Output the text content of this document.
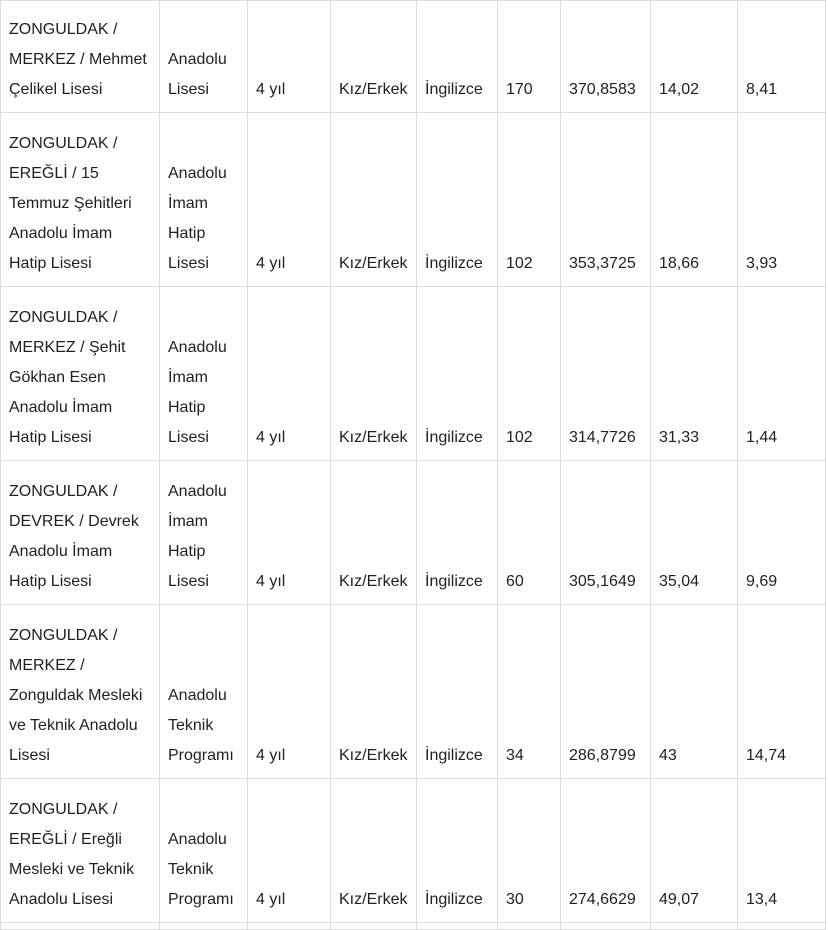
ZONGULDAK / MERKEZ / Mehmet Çelikel Lisesi	Anadolu Lisesi	4 yıl	Kız/Erkek	İngilizce	170	370,8583	14,02	8,41
ZONGULDAK / EREĞLİ / 15 Temmuz Şehitleri Anadolu İmam Hatip Lisesi	Anadolu İmam Hatip Lisesi	4 yıl	Kız/Erkek	İngilizce	102	353,3725	18,66	3,93
ZONGULDAK / MERKEZ / Şehit Gökhan Esen Anadolu İmam Hatip Lisesi	Anadolu İmam Hatip Lisesi	4 yıl	Kız/Erkek	İngilizce	102	314,7726	31,33	1,44
ZONGULDAK / DEVREK / Devrek Anadolu İmam Hatip Lisesi	Anadolu İmam Hatip Lisesi	4 yıl	Kız/Erkek	İngilizce	60	305,1649	35,04	9,69
ZONGULDAK / MERKEZ / Zonguldak Mesleki ve Teknik Anadolu Lisesi	Anadolu Teknik Programı	4 yıl	Kız/Erkek	İngilizce	34	286,8799	43	14,74
ZONGULDAK / EREĞLİ / Ereğli Mesleki ve Teknik Anadolu Lisesi	Anadolu Teknik Programı	4 yıl	Kız/Erkek	İngilizce	30	274,6629	49,07	13,4
